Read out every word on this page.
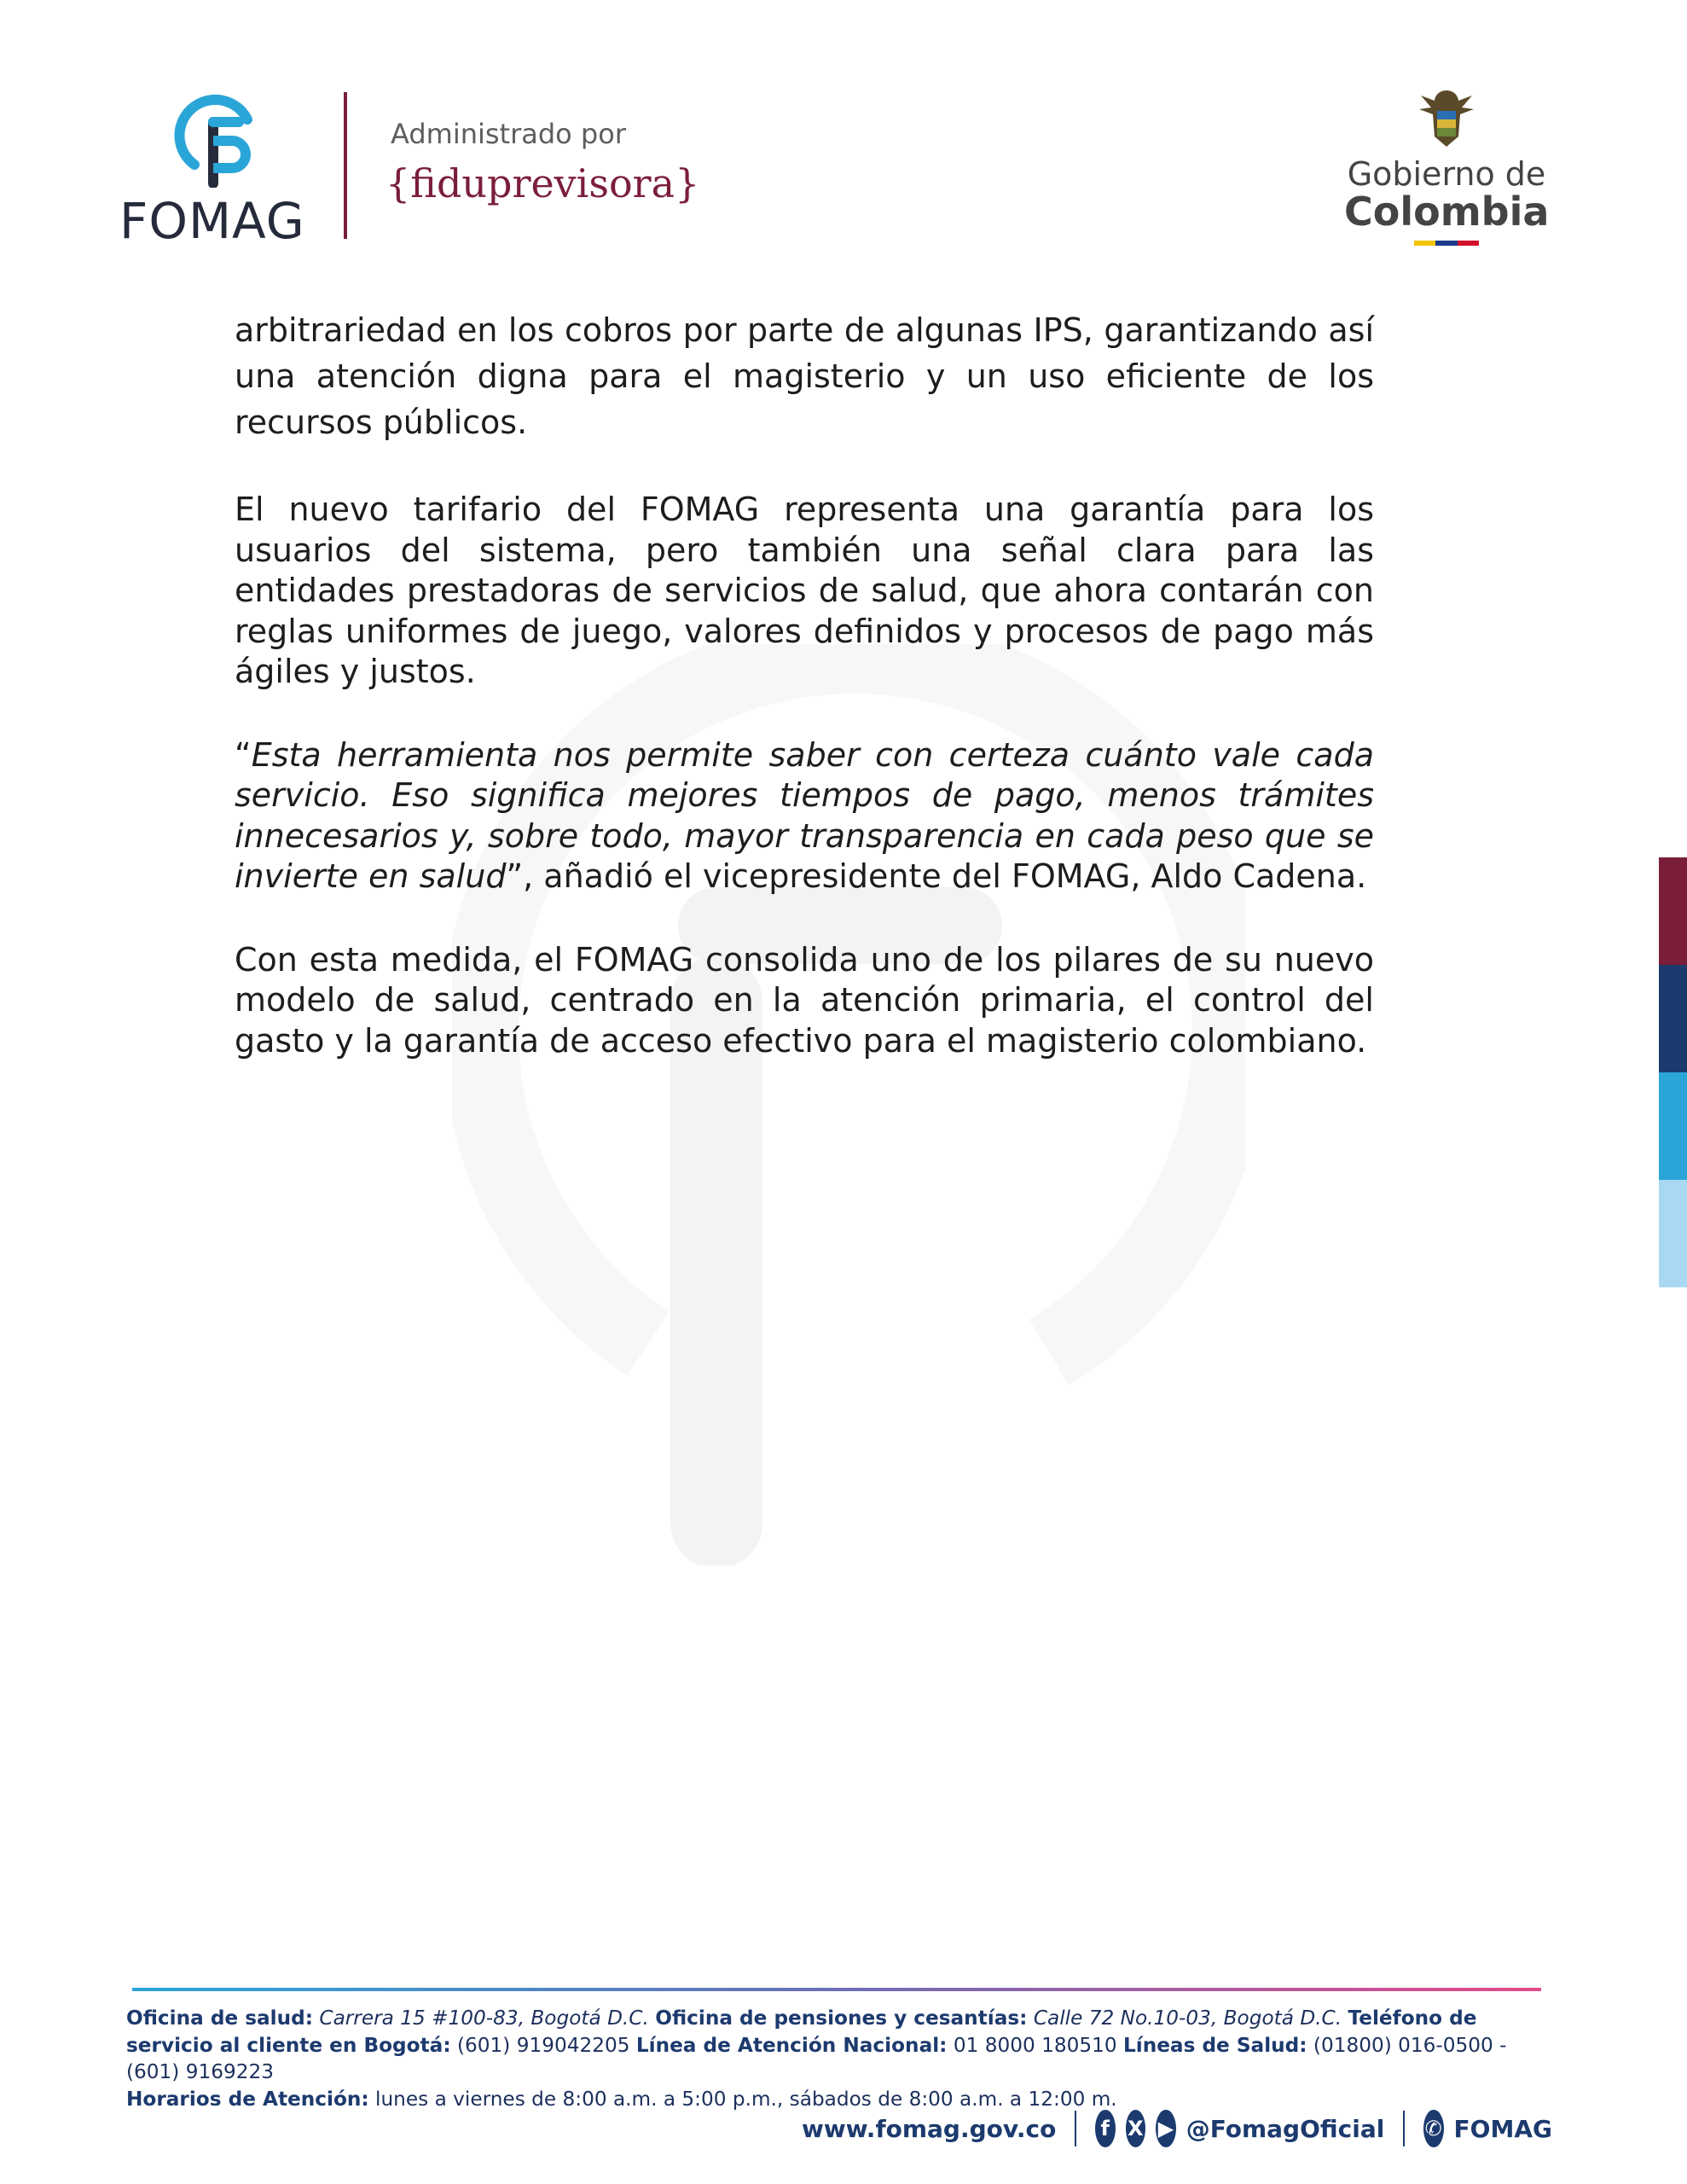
FOMAG
Administrado por
{fiduprevisora}	Gobierno de
Colombia

arbitrariedad en los cobros por parte de algunas IPS, garantizando así una atención digna para el magisterio y un uso eficiente de los recursos públicos.

El nuevo tarifario del FOMAG representa una garantía para los usuarios del sistema, pero también una señal clara para las entidades prestadoras de servicios de salud, que ahora contarán con reglas uniformes de juego, valores definidos y procesos de pago más ágiles y justos.

“Esta herramienta nos permite saber con certeza cuánto vale cada servicio. Eso significa mejores tiempos de pago, menos trámites innecesarios y, sobre todo, mayor transparencia en cada peso que se invierte en salud”, añadió el vicepresidente del FOMAG, Aldo Cadena.

Con esta medida, el FOMAG consolida uno de los pilares de su nuevo modelo de salud, centrado en la atención primaria, el control del gasto y la garantía de acceso efectivo para el magisterio colombiano.

Oficina de salud: Carrera 15 #100-83, Bogotá D.C. Oficina de pensiones y cesantías: Calle 72 No.10-03, Bogotá D.C. Teléfono de servicio al cliente en Bogotá: (601) 919042205 Línea de Atención Nacional: 01 8000 180510 Líneas de Salud: (01800) 016-0500 - (601) 9169223
Horarios de Atención: lunes a viernes de 8:00 a.m. a 5:00 p.m., sábados de 8:00 a.m. a 12:00 m.
www.fomag.gov.co f X ▶ @FomagOficial ✆ FOMAG
